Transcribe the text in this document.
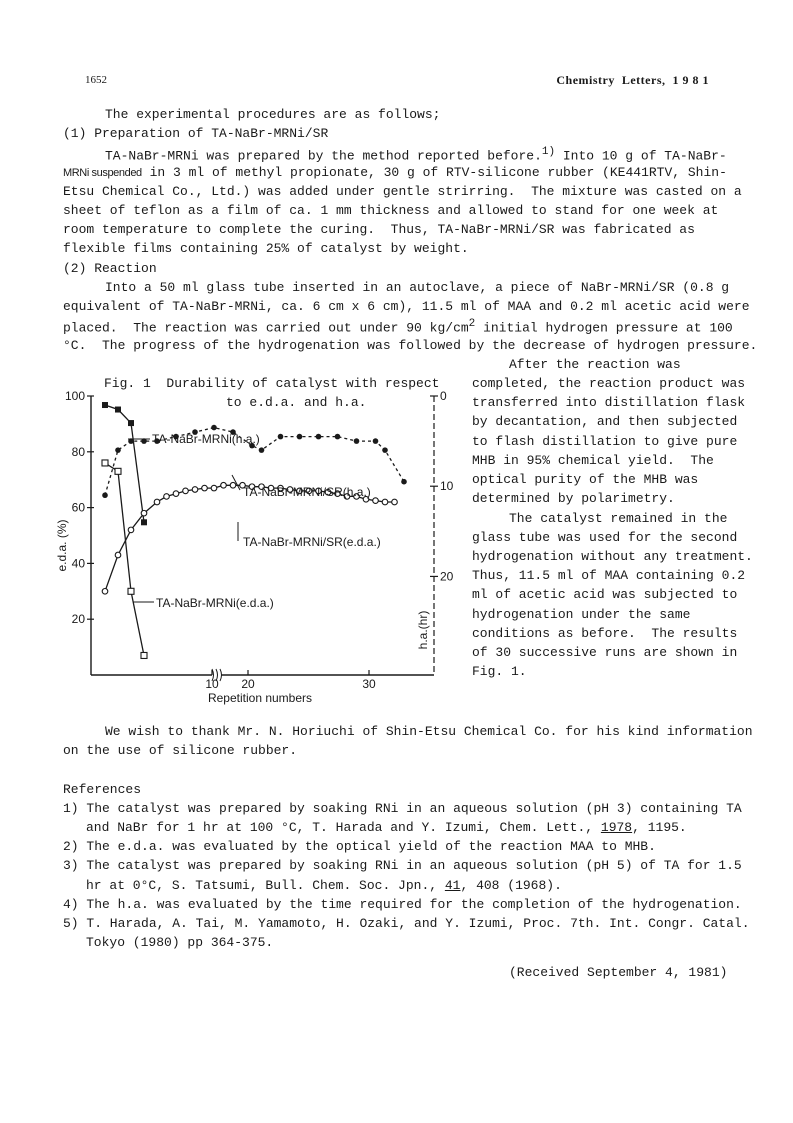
1652	Chemistry  Letters,  1 9 8 1
The experimental procedures are as follows;
(1) Preparation of TA-NaBr-MRNi/SR
TA-NaBr-MRNi was prepared by the method reported before.$^{1)}$ Into 10 g of TA-NaBr-
MRNi suspended in 3 ml of methyl propionate, 30 g of RTV-silicone rubber (KE441RTV, Shin-
Etsu Chemical Co., Ltd.) was added under gentle strirring.  The mixture was casted on a
sheet of teflon as a film of ca. 1 mm thickness and allowed to stand for one week at
room temperature to complete the curing.  Thus, TA-NaBr-MRNi/SR was fabricated as
flexible films containing 25% of catalyst by weight.
(2) Reaction
Into a 50 ml glass tube inserted in an autoclave, a piece of NaBr-MRNi/SR (0.8 g
equivalent of TA-NaBr-MRNi, ca. 6 cm x 6 cm), 11.5 ml of MAA and 0.2 ml acetic acid were
placed.  The reaction was carried out under 90 $kg/cm^2$ initial hydrogen pressure at 100
°C.  The progress of the hydrogenation was followed by the decrease of hydrogen pressure.
Fig. 1  Durability of catalyst with respect
to e.d.a. and h.a.
After the reaction was
completed, the reaction product was
transferred into distillation flask
by decantation, and then subjected
to flash distillation to give pure
MHB in 95% chemical yield.  The
optical purity of the MHB was
determined by polarimetry.
The catalyst remained in the
glass tube was used for the second
hydrogenation without any treatment.
Thus, 11.5 ml of MAA containing 0.2
ml of acetic acid was subjected to
hydrogenation under the same
conditions as before.  The results
of 30 successive runs are shown in
Fig. 1.
20
40
60
80
100	0
10
20
10 20	30
Repetition numbers
e.d.a. (%)
h.a.(hr)
TA-NaBr-MRNi(h.a.)
TA-NaBr-MRNi/SR(h.a.)
TA-NaBr-MRNi(e.d.a.)
TA-NaBr-MRNi/SR(e.d.a.)
We wish to thank Mr. N. Horiuchi of Shin-Etsu Chemical Co. for his kind information
on the use of silicone rubber.
References
1) The catalyst was prepared by soaking RNi in an aqueous solution (pH 3) containing TA
and NaBr for 1 hr at 100 °C, T. Harada and Y. Izumi, Chem. Lett., 1978, 1195.
2) The e.d.a. was evaluated by the optical yield of the reaction MAA to MHB.
3) The catalyst was prepared by soaking RNi in an aqueous solution (pH 5) of TA for 1.5
hr at 0°C, S. Tatsumi, Bull. Chem. Soc. Jpn., 41, 408 (1968).
4) The h.a. was evaluated by the time required for the completion of the hydrogenation.
5) T. Harada, A. Tai, M. Yamamoto, H. Ozaki, and Y. Izumi, Proc. 7th. Int. Congr. Catal.
Tokyo (1980) pp 364-375.
(Received September 4, 1981)
